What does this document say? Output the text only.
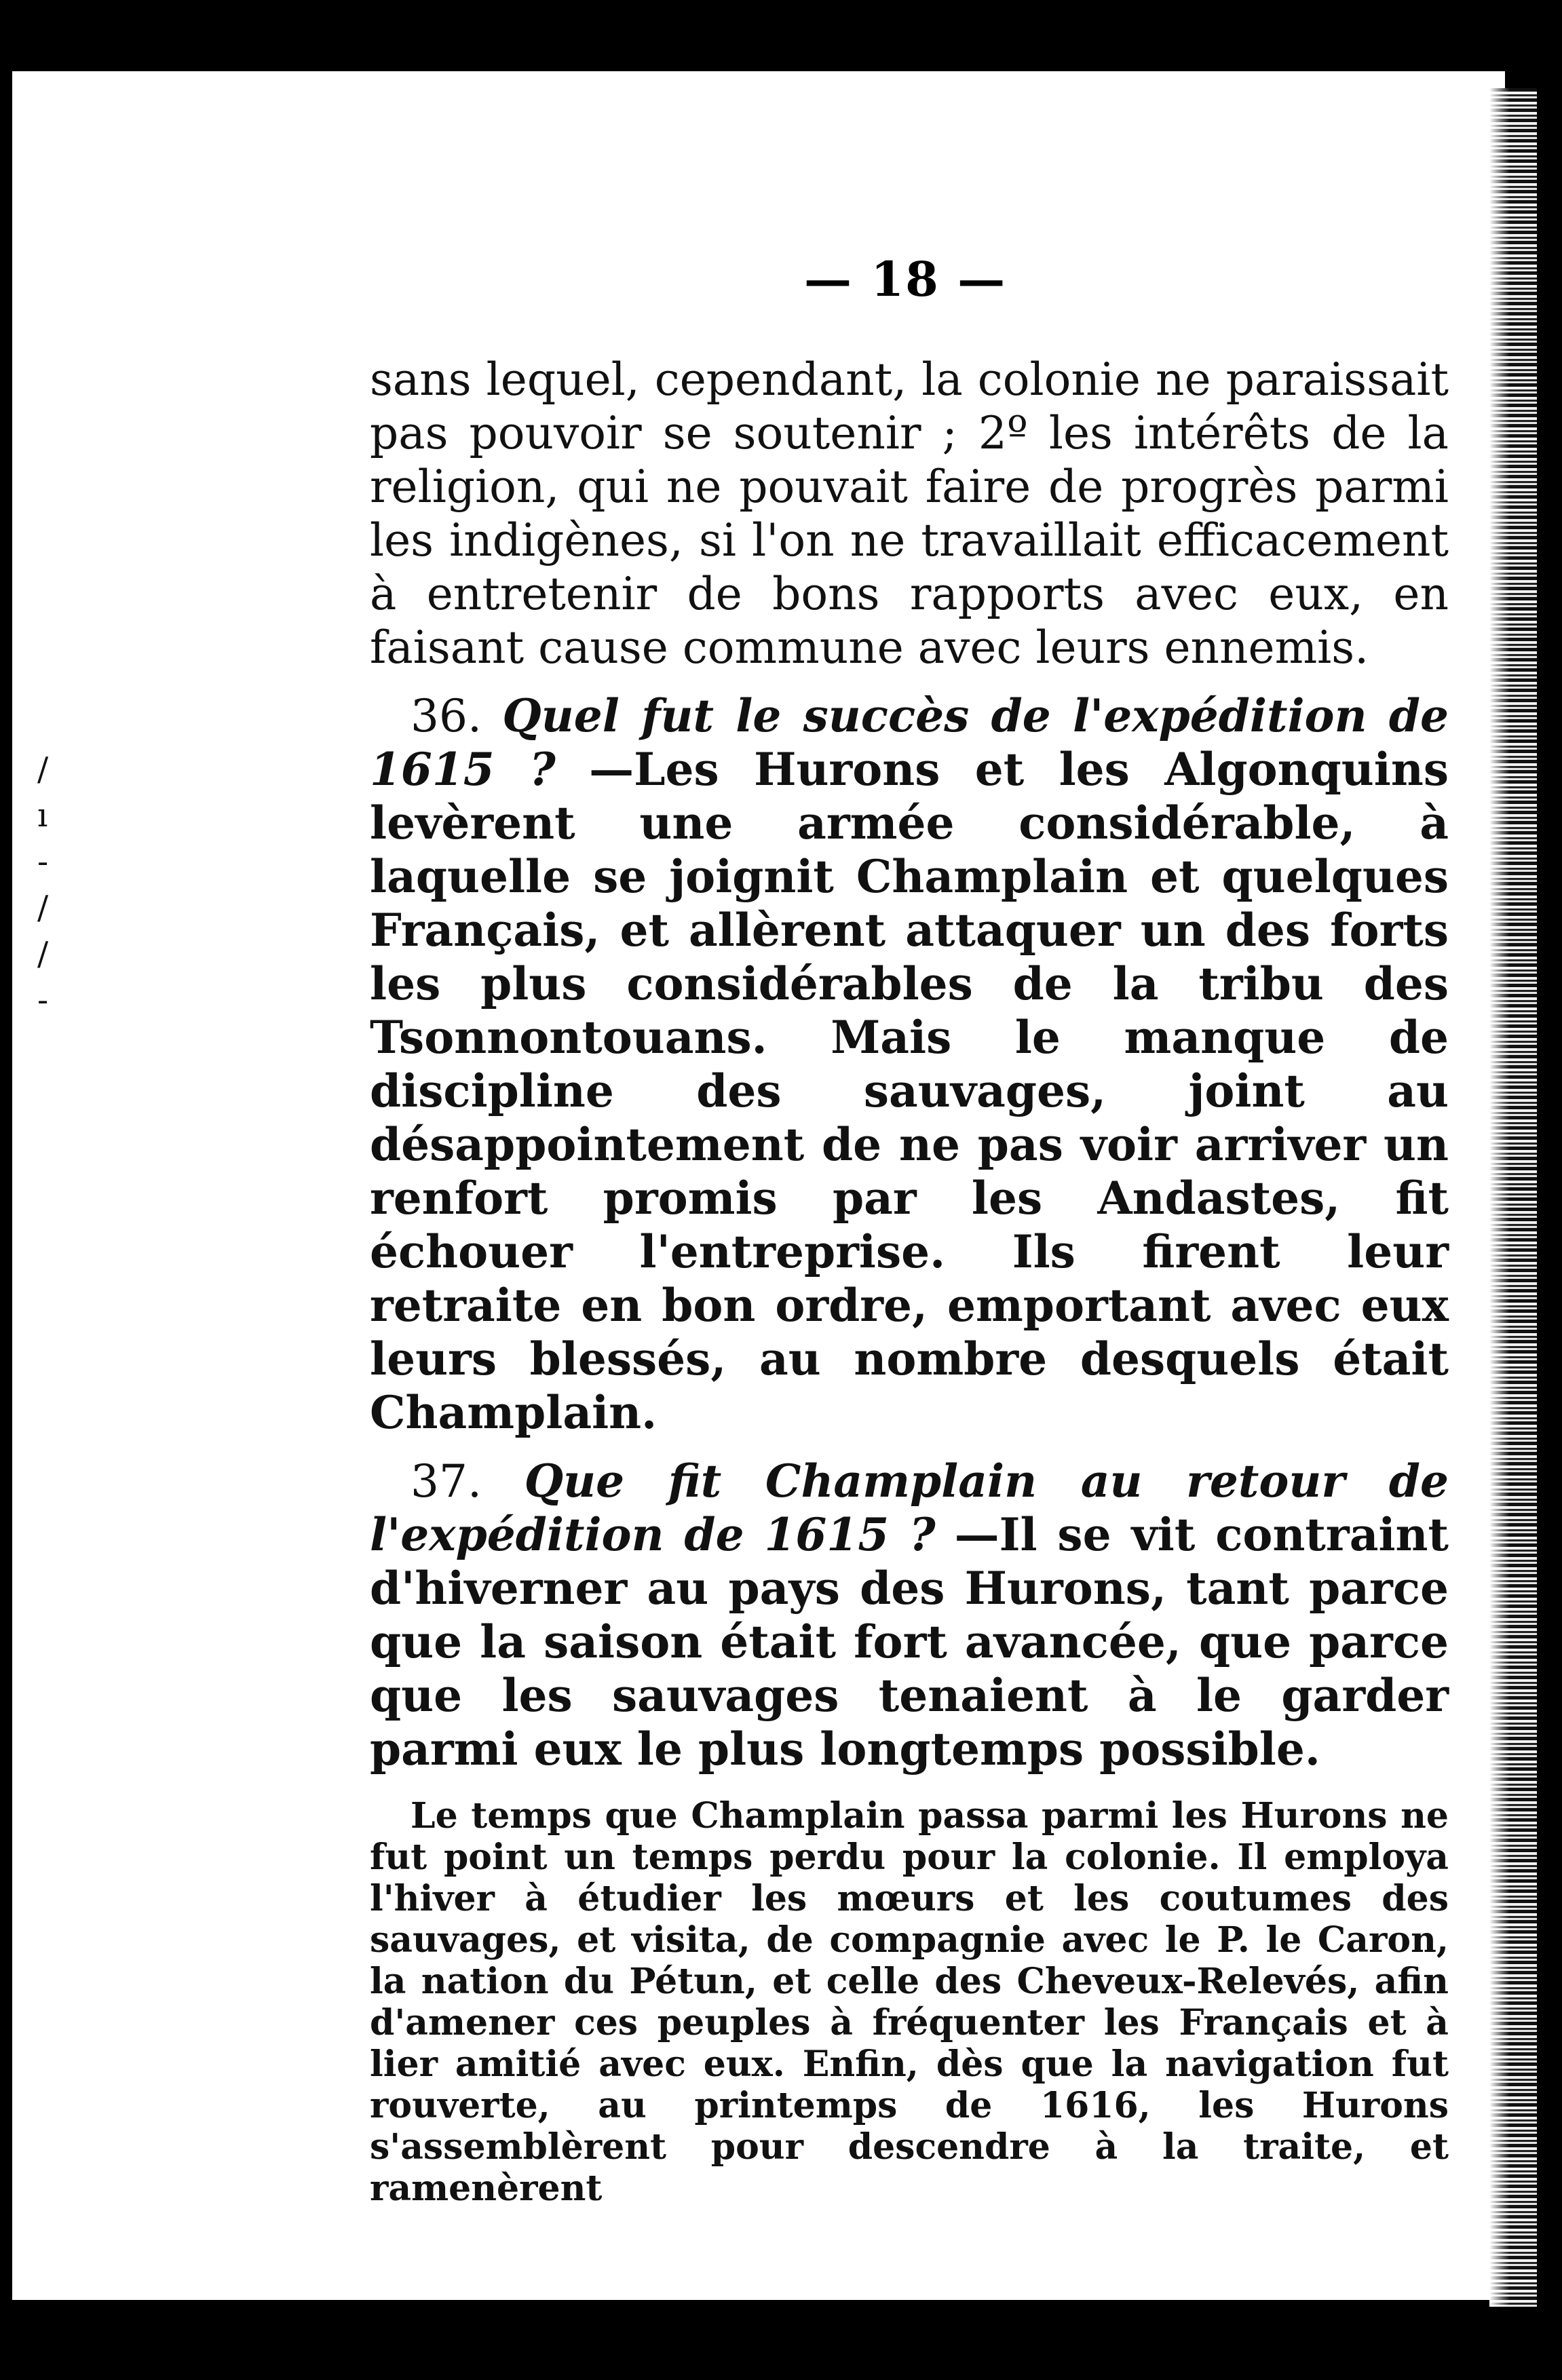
— 18 —
/
ı
-
/
/
-

sans lequel, cependant, la colonie ne paraissait pas pouvoir se soutenir ; 2º les intérêts de la religion, qui ne pouvait faire de progrès parmi les indigènes, si l'on ne travaillait efficacement à entretenir de bons rapports avec eux, en faisant cause commune avec leurs ennemis.

36. Quel fut le succès de l'expédition de 1615 ? —Les Hurons et les Algonquins levèrent une armée considérable, à laquelle se joignit Champlain et quelques Français, et allèrent attaquer un des forts les plus considérables de la tribu des Tsonnontouans. Mais le manque de discipline des sauvages, joint au désappointement de ne pas voir arriver un renfort promis par les Andastes, fit échouer l'entreprise. Ils firent leur retraite en bon ordre, emportant avec eux leurs blessés, au nombre desquels était Champlain.

37. Que fit Champlain au retour de l'expédition de 1615 ? —Il se vit contraint d'hiverner au pays des Hurons, tant parce que la saison était fort avancée, que parce que les sauvages tenaient à le garder parmi eux le plus longtemps possible.

Le temps que Champlain passa parmi les Hurons ne fut point un temps perdu pour la colonie. Il employa l'hiver à étudier les mœurs et les coutumes des sauvages, et visita, de compagnie avec le P. le Caron, la nation du Pétun, et celle des Cheveux-Relevés, afin d'amener ces peuples à fréquenter les Français et à lier amitié avec eux. Enfin, dès que la navigation fut rouverte, au printemps de 1616, les Hurons s'assemblèrent pour descendre à la traite, et ramenèrent
